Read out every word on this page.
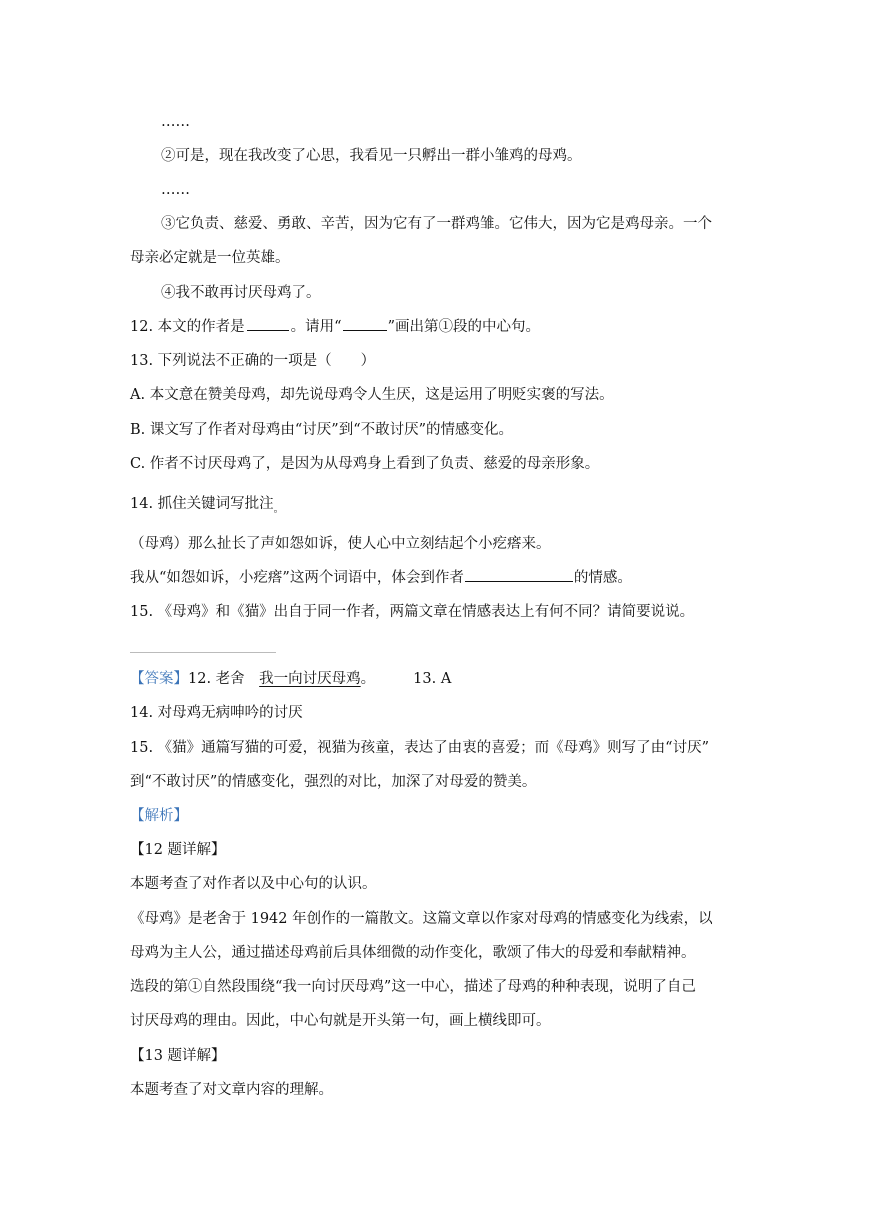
……
②可是，现在我改变了心思，我看见一只孵出一群小雏鸡的母鸡。
……
③它负责、慈爱、勇敢、辛苦，因为它有了一群鸡雏。它伟大，因为它是鸡母亲。一个
母亲必定就是一位英雄。
④我不敢再讨厌母鸡了。
12. 本文的作者是	。请用“	”画出第①段的中心句。
13. 下列说法不正确的一项是（　　）
A. 本文意在赞美母鸡，却先说母鸡令人生厌，这是运用了明贬实褒的写法。
B. 课文写了作者对母鸡由“讨厌”到“不敢讨厌”的情感变化。
C. 作者不讨厌母鸡了，是因为从母鸡身上看到了负责、慈爱的母亲形象。
14. 抓住关键词写批注$_。$
（母鸡）那么扯长了声如怨如诉，使人心中立刻结起个小疙瘩来。
我从“如怨如诉，小疙瘩”这两个词语中，体会到作者	的情感。
15. 《母鸡》和《猫》出自于同一作者，两篇文章在情感表达上有何不同？请简要说说。
【答案】12. 老舍　我一向讨厌母鸡。	13. A
14. 对母鸡无病呻吟的讨厌
15. 《猫》通篇写猫的可爱，视猫为孩童，表达了由衷的喜爱；而《母鸡》则写了由“讨厌”
到“不敢讨厌”的情感变化，强烈的对比，加深了对母爱的赞美。
【解析】
【12 题详解】
本题考查了对作者以及中心句的认识。
《母鸡》是老舍于 1942 年创作的一篇散文。这篇文章以作家对母鸡的情感变化为线索，以
母鸡为主人公，通过描述母鸡前后具体细微的动作变化，歌颂了伟大的母爱和奉献精神。
选段的第①自然段围绕“我一向讨厌母鸡”这一中心，描述了母鸡的种种表现，说明了自己
讨厌母鸡的理由。因此，中心句就是开头第一句，画上横线即可。
【13 题详解】
本题考查了对文章内容的理解。
